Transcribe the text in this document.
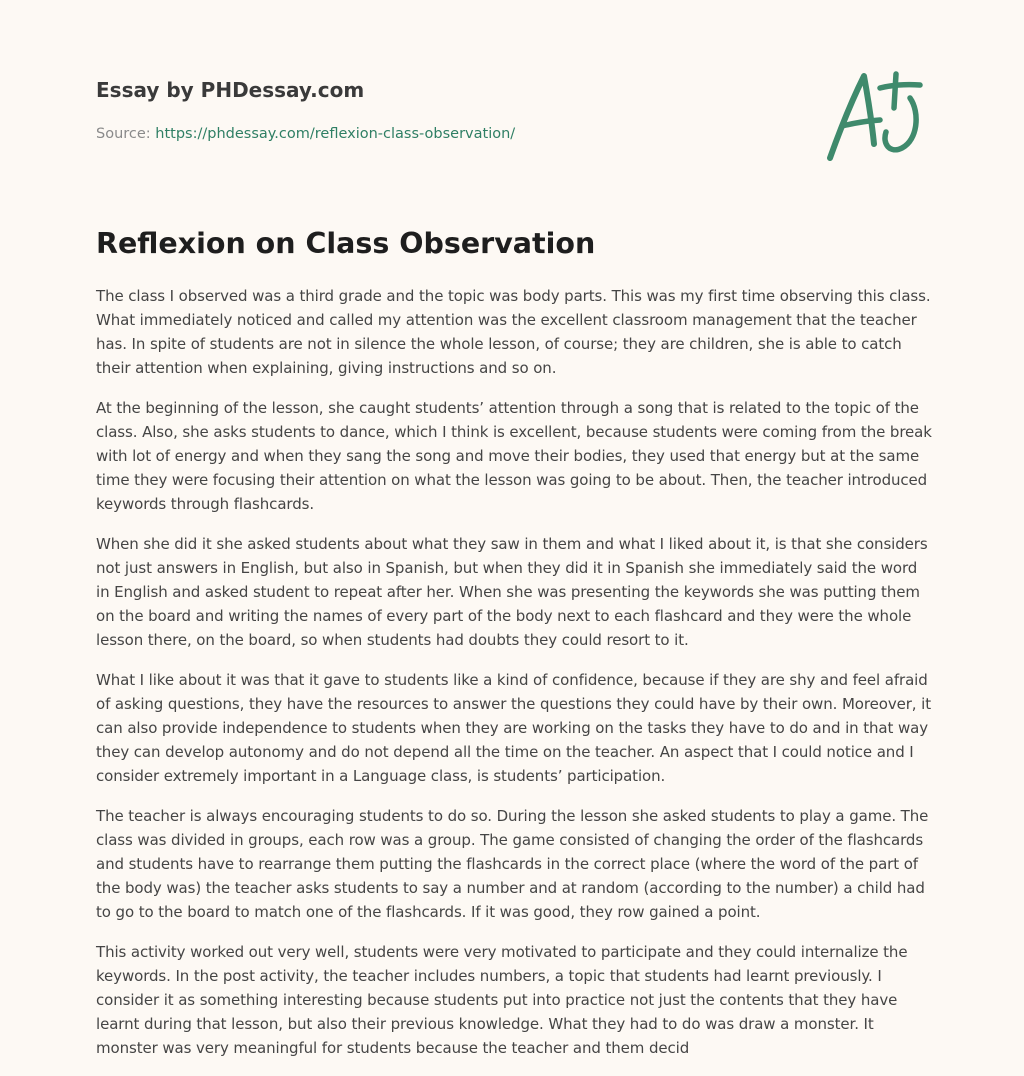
Essay by PHDessay.com

Source: https://phdessay.com/reflexion-class-observation/
Reflexion on Class Observation

The class I observed was a third grade and the topic was body parts. This was my first time observing this class. What immediately noticed and called my attention was the excellent classroom management that the teacher has. In spite of students are not in silence the whole lesson, of course; they are children, she is able to catch their attention when explaining, giving instructions and so on.

At the beginning of the lesson, she caught students’ attention through a song that is related to the topic of the class. Also, she asks students to dance, which I think is excellent, because students were coming from the break with lot of energy and when they sang the song and move their bodies, they used that energy but at the same time they were focusing their attention on what the lesson was going to be about. Then, the teacher introduced keywords through flashcards.

When she did it she asked students about what they saw in them and what I liked about it, is that she considers not just answers in English, but also in Spanish, but when they did it in Spanish she immediately said the word in English and asked student to repeat after her. When she was presenting the keywords she was putting them on the board and writing the names of every part of the body next to each flashcard and they were the whole lesson there, on the board, so when students had doubts they could resort to it.

What I like about it was that it gave to students like a kind of confidence, because if they are shy and feel afraid of asking questions, they have the resources to answer the questions they could have by their own. Moreover, it can also provide independence to students when they are working on the tasks they have to do and in that way they can develop autonomy and do not depend all the time on the teacher. An aspect that I could notice and I consider extremely important in a Language class, is students’ participation.

The teacher is always encouraging students to do so. During the lesson she asked students to play a game. The class was divided in groups, each row was a group. The game consisted of changing the order of the flashcards and students have to rearrange them putting the flashcards in the correct place (where the word of the part of the body was) the teacher asks students to say a number and at random (according to the number) a child had to go to the board to match one of the flashcards. If it was good, they row gained a point.

This activity worked out very well, students were very motivated to participate and they could internalize the keywords. In the post activity, the teacher includes numbers, a topic that students had learnt previously. I consider it as something interesting because students put into practice not just the contents that they have learnt during that lesson, but also their previous knowledge. What they had to do was draw a monster. It monster was very meaningful for students because the teacher and them decid
